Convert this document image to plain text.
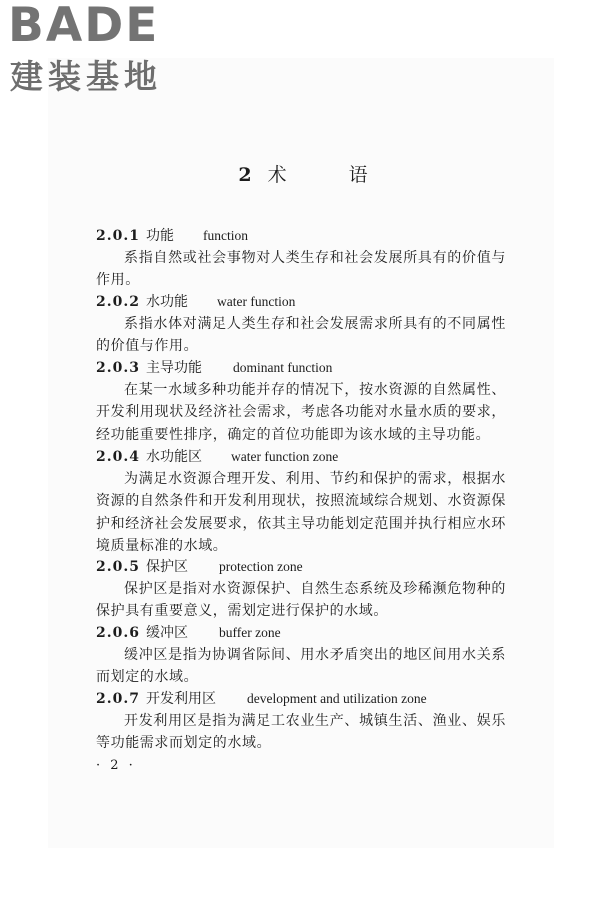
BADE
建装基地
2 术 语
2.0.1 功能 function

系指自然或社会事物对人类生存和社会发展所具有的价值与作用。

2.0.2 水功能 water function

系指水体对满足人类生存和社会发展需求所具有的不同属性的价值与作用。

2.0.3 主导功能 dominant function

在某一水域多种功能并存的情况下，按水资源的自然属性、开发利用现状及经济社会需求，考虑各功能对水量水质的要求，经功能重要性排序，确定的首位功能即为该水域的主导功能。

2.0.4 水功能区 water function zone

为满足水资源合理开发、利用、节约和保护的需求，根据水资源的自然条件和开发利用现状，按照流域综合规划、水资源保护和经济社会发展要求，依其主导功能划定范围并执行相应水环境质量标准的水域。

2.0.5 保护区 protection zone

保护区是指对水资源保护、自然生态系统及珍稀濒危物种的保护具有重要意义，需划定进行保护的水域。

2.0.6 缓冲区 buffer zone

缓冲区是指为协调省际间、用水矛盾突出的地区间用水关系而划定的水域。

2.0.7 开发利用区 development and utilization zone

开发利用区是指为满足工农业生产、城镇生活、渔业、娱乐等功能需求而划定的水域。

· 2 ·
